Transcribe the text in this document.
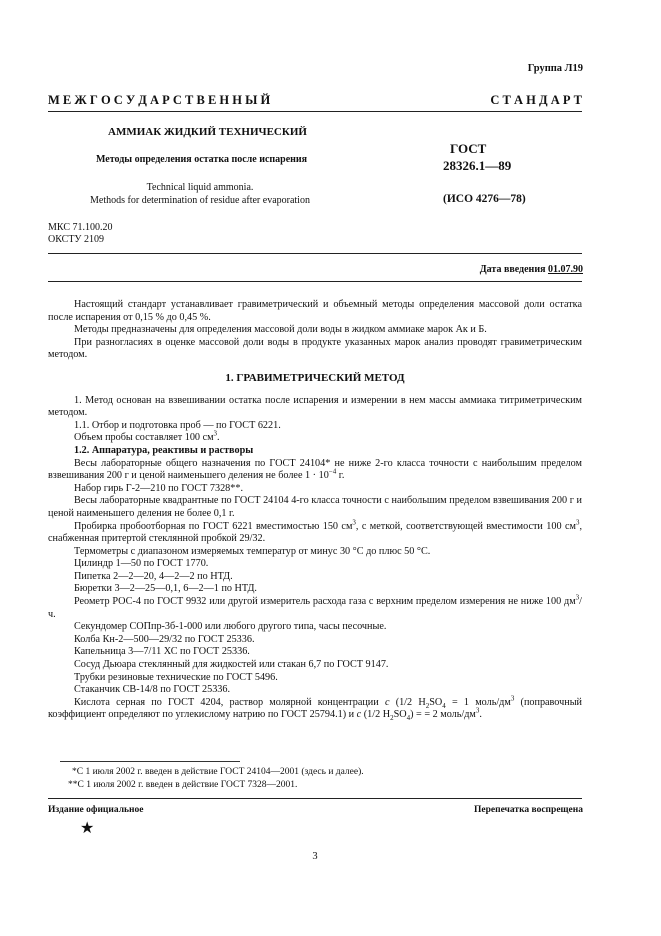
Группа Л19
М Е Ж Г О С У Д А Р С Т В Е Н Н Ы Й	С Т А Н Д А Р Т
АММИАК ЖИДКИЙ ТЕХНИЧЕСКИЙ
Методы определения остатка после испарения
Technical liquid ammonia.
Methods for determination of residue after evaporation
ГОСТ
28326.1—89
(ИСО 4276—78)
МКС 71.100.20
ОКСТУ 2109
Дата введения 01.07.90

Настоящий стандарт устанавливает гравиметрический и объемный методы определения массовой доли остатка после испарения от 0,15 % до 0,45 %.

Методы предназначены для определения массовой доли воды в жидком аммиаке марок Ак и Б.

При разногласиях в оценке массовой доли воды в продукте указанных марок анализ проводят гравиметрическим методом.

1. ГРАВИМЕТРИЧЕСКИЙ МЕТОД

1. Метод основан на взвешивании остатка после испарения и измерении в нем массы аммиака титриметрическим методом.

1.1. Отбор и подготовка проб — по ГОСТ 6221.

Объем пробы составляет 100 $см^3$.

1.2. Аппаратура, реактивы и растворы

Весы лабораторные общего назначения по ГОСТ 24104* не ниже 2-го класса точности с наибольшим пределом взвешивания 200 г и ценой наименьшего деления не более $1 \cdot 10^{-4}$ г.

Набор гирь Г-2—210 по ГОСТ 7328**.

Весы лабораторные квадрантные по ГОСТ 24104 4-го класса точности с наибольшим пределом взвешивания 200 г и ценой наименьшего деления не более 0,1 г.

Пробирка пробоотборная по ГОСТ 6221 вместимостью 150 $см^3$, с меткой, соответствующей вместимости 100 $см^3$, снабженная притертой стеклянной пробкой 29/32.

Термометры с диапазоном измеряемых температур от минус 30 °С до плюс 50 °С.

Цилиндр 1—50 по ГОСТ 1770.

Пипетка 2—2—20, 4—2—2 по НТД.

Бюретки 3—2—25—0,1, 6—2—1 по НТД.

Реометр РОС-4 по ГОСТ 9932 или другой измеритель расхода газа с верхним пределом измерения не ниже 100 $дм^3/ч$.

Секундомер СОПпр-3б-1-000 или любого другого типа, часы песочные.

Колба Кн-2—500—29/32 по ГОСТ 25336.

Капельница 3—7/11 ХС по ГОСТ 25336.

Сосуд Дьюара стеклянный для жидкостей или стакан 6,7 по ГОСТ 9147.

Трубки резиновые технические по ГОСТ 5496.

Стаканчик СВ-14/8 по ГОСТ 25336.

Кислота серная по ГОСТ 4204, раствор молярной концентрации с (1/2 $H_2SO_4 = 1$ моль/$дм^3$ (поправочный коэффициент определяют по углекислому натрию по ГОСТ 25794.1) и с (1/2 $H_2SO_4$) = = 2 моль/$дм^3$.

*С 1 июля 2002 г. введен в действие ГОСТ 24104—2001 (здесь и далее).
**С 1 июля 2002 г. введен в действие ГОСТ 7328—2001.
Издание официальное	Перепечатка воспрещена
★
3
